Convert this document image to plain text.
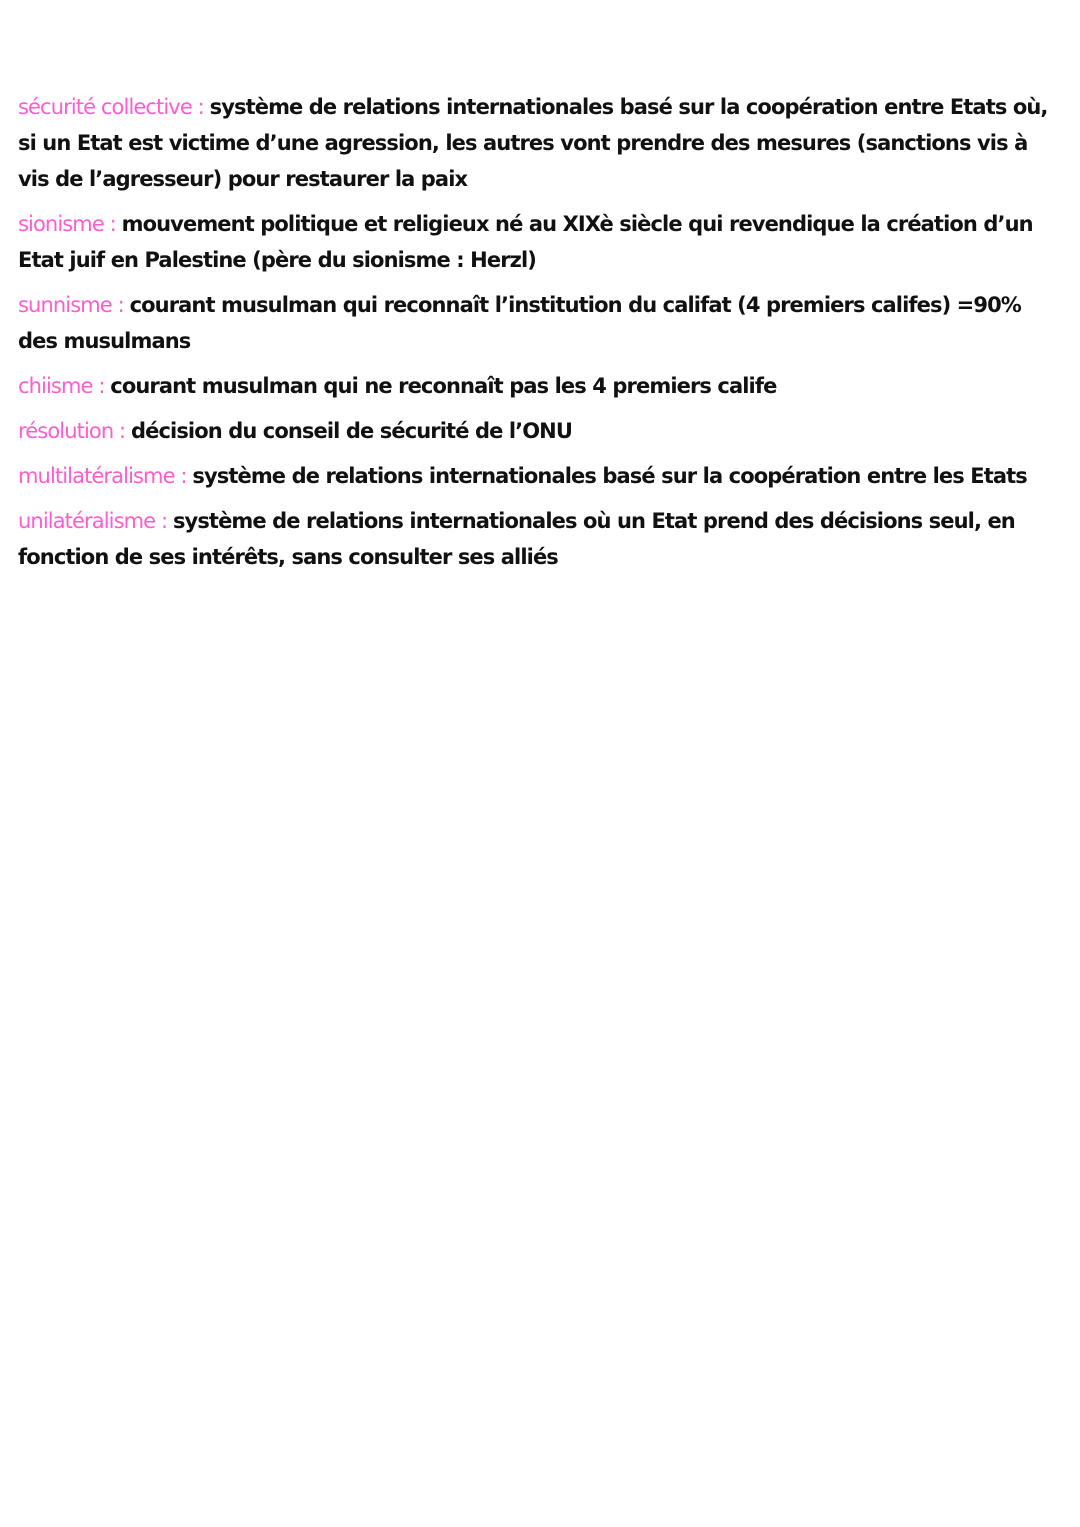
sécurité collective : système de relations internationales basé sur la coopération entre Etats où, si un Etat est victime d’une agression, les autres vont prendre des mesures (sanctions vis à vis de l’agresseur) pour restaurer la paix

sionisme : mouvement politique et religieux né au XIXè siècle qui revendique la création d’un Etat juif en Palestine (père du sionisme : Herzl)

sunnisme : courant musulman qui reconnaît l’institution du califat (4 premiers califes) =90% des musulmans

chiisme : courant musulman qui ne reconnaît pas les 4 premiers calife

résolution : décision du conseil de sécurité de l’ONU

multilatéralisme : système de relations internationales basé sur la coopération entre les Etats

unilatéralisme : système de relations internationales où un Etat prend des décisions seul, en fonction de ses intérêts, sans consulter ses alliés
